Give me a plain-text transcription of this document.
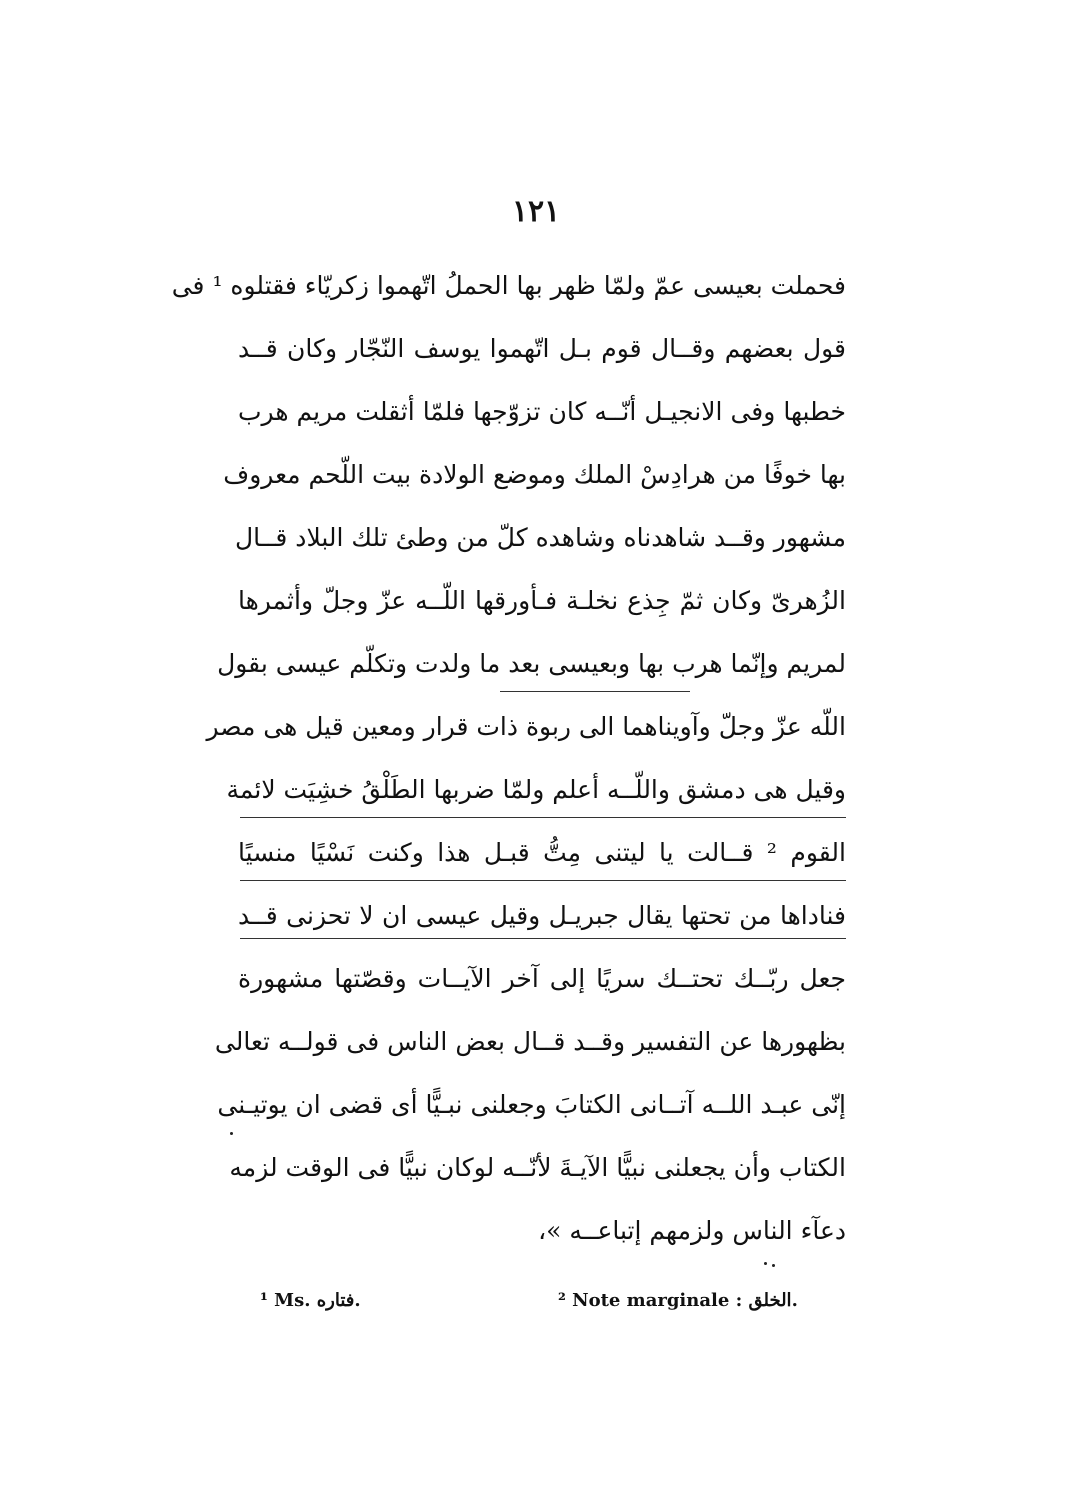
١٢١
فحملت بعيسى عمّ ولمّا ظهر بها الحملُ اتّهموا زكريّاء فقتلوه ¹ فى
قول بعضهم وقــال قوم بـل اتّهموا يوسف النّجّار وكان قــد
خطبها وفى الانجيـل أنّــه كان تزوّجها فلمّا أثقلت مريم هرب
بها خوفًا من هرادِسْ الملك وموضع الولادة بيت اللّحم معروف
مشهور وقــد شاهدناه وشاهده كلّ من وطئ تلك البلاد قــال
الزُهرىّ وكان ثمّ جِذع نخلـة فـأورقها اللّــه عزّ وجلّ وأثمرها
لمريم وإنّما هرب بها وبعيسى بعد ما ولدت وتكلّم عيسى بقول
اللّه عزّ وجلّ وآويناهما الى ربوة ذات قرار ومعين قيل هى مصر
وقيل هى دمشق واللّــه أعلم ولمّا ضربها الطَلْقُ خشِيَت لائمة
القوم ² قــالت يا ليتنى مِتُّ قبـل هذا وكنت نَسْيًا منسيًا
فناداها من تحتها يقال جبريـل وقيل عيسى ان لا تحزنى قــد
جعل ربّــك تحتــك سريًا إلى آخر الآيــات وقصّتها مشهورة
بظهورها عن التفسير وقــد قــال بعض الناس فى قولــه تعالى
إنّى عبـد اللــه آتــانى الكتابَ وجعلنى نبـيًّا أى قضى ان يوتيـنى
الكتاب وأن يجعلنى نبيًّا الآيـةَ لأنّــه لوكان نبيًّا فى الوقت لزمه
دعآء الناس ولزمهم إتباعــه »،
¹ Ms. فتاره.	² Note marginale : الخلق.
